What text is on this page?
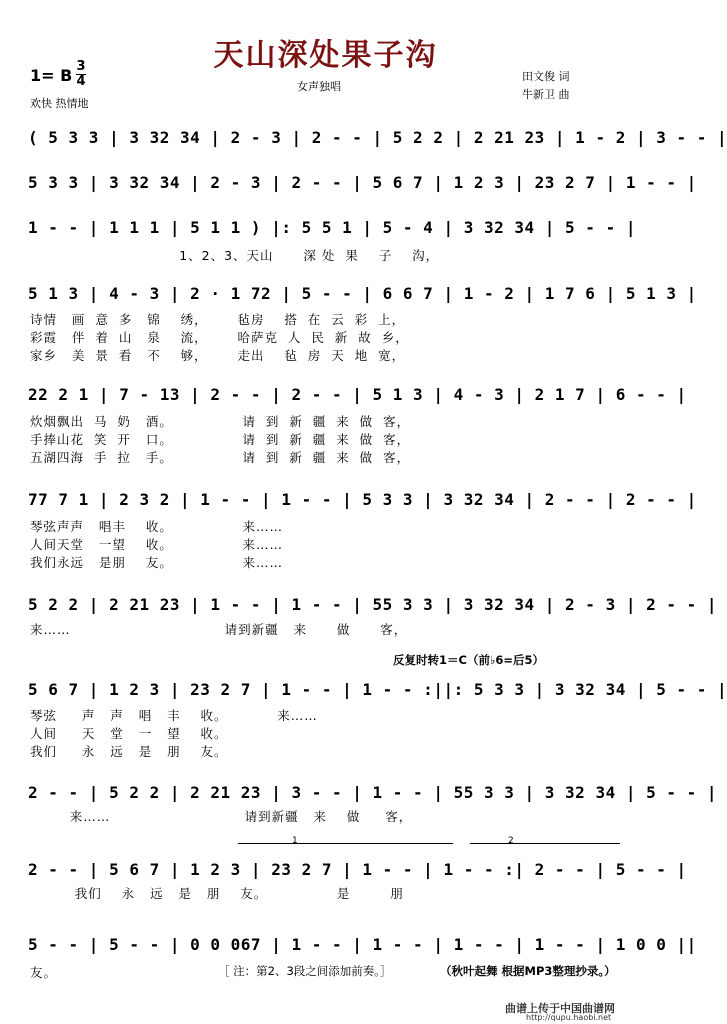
天山深处果子沟
1= B 3
4
欢快 热情地
女声独唱
田文俊 词
牛新卫 曲
( 5 3 3 | 3 32 34 | 2 - 3 | 2 - - | 5 2 2 | 2 21 23 | 1 - 2 | 3 - - |
5 3 3 | 3 32 34 | 2 - 3 | 2 - - | 5 6 7 | 1 2 3 | 23 2 7 | 1 - - |
1 - - | 1 1 1 | 5 1 1 ) |: 5 5 1 | 5 - 4 | 3 32 34 | 5 - - |
1、2、3、天山      深 处  果    子    沟，
5 1 3 | 4 - 3 | 2 · 1 72 | 5 - - | 6 6 7 | 1 - 2 | 1 7 6 | 5 1 3 |
诗情   画  意  多   锦    绣，      毡房    搭  在  云  彩  上，
彩霞   伴  着  山   泉    流，      哈萨克  人  民  新  故  乡，
家乡   美  景  看   不    够，      走出    毡  房  天  地  宽，
22 2 1 | 7 - 13 | 2 - - | 2 - - | 5 1 3 | 4 - 3 | 2 1 7 | 6 - - |
炊烟飘出  马  奶   酒。              请  到  新  疆  来  做  客，
手捧山花  笑  开   口。              请  到  新  疆  来  做  客，
五湖四海  手  拉   手。              请  到  新  疆  来  做  客，
77 7 1 | 2 3 2 | 1 - - | 1 - - | 5 3 3 | 3 32 34 | 2 - - | 2 - - |
琴弦声声   唱丰    收。              来……
人间天堂   一望    收。              来……
我们永远   是朋    友。              来……
5 2 2 | 2 21 23 | 1 - - | 1 - - | 55 3 3 | 3 32 34 | 2 - 3 | 2 - - |
来……                               请到新疆   来      做      客，
反复时转1＝C（前♭6=后5）
5 6 7 | 1 2 3 | 23 2 7 | 1 - - | 1 - - :||: 5 3 3 | 3 32 34 | 5 - - |
琴弦     声   声   唱   丰    收。          来……
人间     天   堂   一   望    收。
我们     永   远   是   朋    友。
2 - - | 5 2 2 | 2 21 23 | 3 - - | 1 - - | 55 3 3 | 3 32 34 | 5 - - |
来……                           请到新疆   来    做     客，
1	2
2 - - | 5 6 7 | 1 2 3 | 23 2 7 | 1 - - | 1 - - :| 2 - - | 5 - - |
我们    永   远   是   朋    友。              是        朋
5 - - | 5 - - | 0 0 067 | 1 - - | 1 - - | 1 - - | 1 - - | 1 0 0 ||
友。	［ 注：第2、3段之间添加前奏。］	（秋叶起舞 根据MP3整理抄录。）
曲谱上传于中国曲谱网
http://qupu.haobi.net
